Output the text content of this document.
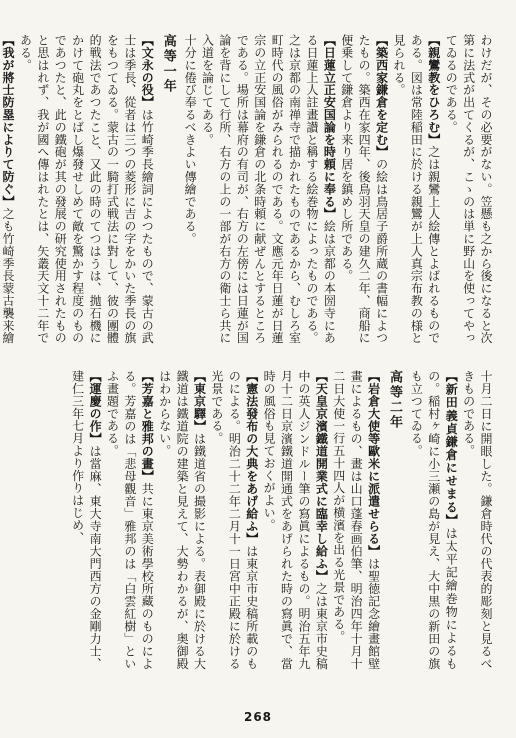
わけだが、その必要がない。笠懸も之から後になると次第に法式が出てくるが、こゝのは単に野山を使ってやってゐるのである。

【親鸞教をひろむ】之は親鸞上人絵傳とよばれるものである。図は常陸稲田に於ける親鸞が上人真宗布教の様と見られる。

【築西家鎌倉を定む】の絵は鳥居子爵所蔵の書幅によつたもの。築西在家四年、後鳥羽天皇の建久二年、商船に便乗して鎌倉より来り居を鎮めし所である。

【日蓮立正安国論を時頼に奉る】絵は京都の本圀寺にある日蓮上人註畫讃と稱する絵巻物によったものである。之は京都の南禅寺で描かれたものであるから、むしろ室町時代の風俗がみられるのである。文應元年日蓮が日蓮宗の立正安国論を鎌倉の北条時頼に献ぜんとするところである。場所は幕府の有司が、右方の左傍には日蓮が国論を背にして行所、右方の上の一部が右方の衛士ら共に入道を論じてある。

十分に倦び奉るべきよい傳繪である。

高等一年

【文永の役】は竹崎季長繪詞によつたもので、蒙古の武士は季長、從者は三つの菱形に吉の字をかいた季長の旗をもつてゐる。蒙古の一騎打式戦法に對して、彼の團體的戦法であつたこと、又此の時のてつはうは、拋石機にかけて砲丸をとばし爆發せしめて敵を驚かす程度のものであつたと、此の鐵砲が其の發展の研究使用されたものと思はれず、我が國へ傳はれたとは、矢叢天文十二年である。

【我が將士防塁によりて防ぐ】之も竹崎季長蒙古襲来繪

十月二日に開眼した。鎌倉時代の代表的彫刻と見るべきものである。

【新田義貞鎌倉にせまる】は太平記繪巻物によるもの。稲村ヶ崎に小三瀬の島が見え、大中黒の新田の旗も立つてゐる。

高等二年

【岩倉大使等歐米に派遣せらる】は聖徳記念繪畫館壁畫によるもの、畫は山口蓬春画伯筆、明治四年十月十二日大使一行五十四人が横濱を出る光景である。

【天皇京濱鐵道開業式に臨幸し給ふ】之は東京市史稿中の英人ジンドルー筆の寫眞によるもの。明治五年九月十二日京濱鐵道開通式をあげられた時の寫眞で、當時の風俗も見ておくがよい。

【憲法發布の大典をあげ給ふ】は東京市史稿所載のものによる。明治二十二年二月十一日宮中正殿に於ける光景である。

【東京驛】は鐵道省の撮影による。表御殿に於ける大鐵道は鐵道院の建築と見えて、大勢わかるが、奥御殿はわからない。

【芳嘉と雅邦の畫】共に東京美術學校所藏のものによる。芳嘉のは「悲母觀音」雅邦のは「白雲紅樹」といふ畫題である。

【運慶の作】は當麻、東大寺南大門西方の金剛力士、建仁三年七月より作りはじめ、

268
